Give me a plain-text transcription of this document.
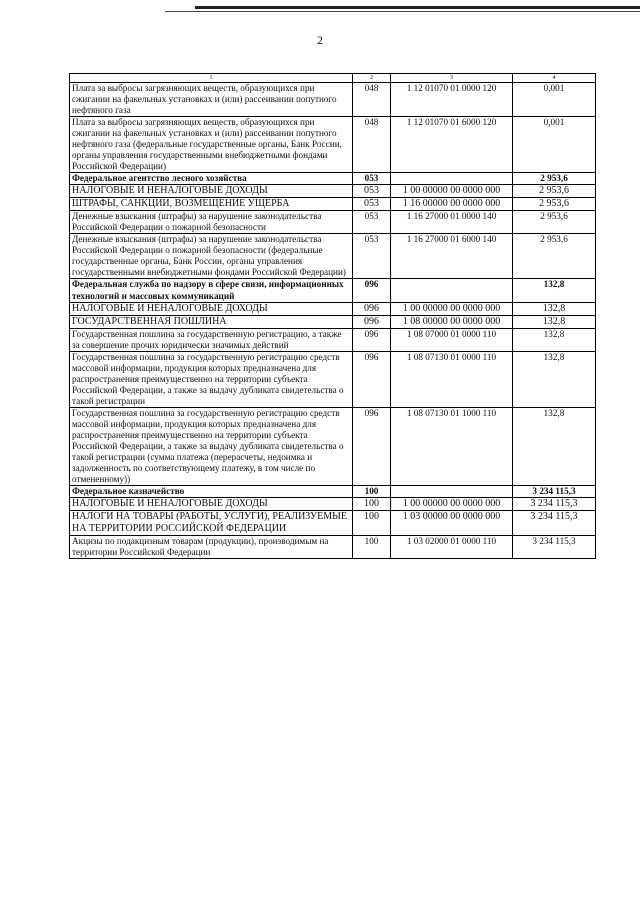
2
1	2	3	4
Плата за выбросы загрязняющих веществ, образующихся при сжигании на факельных установках и (или) рассеивании попутного нефтяного газа	048	1 12 01070 01 0000 120	0,001
Плата за выбросы загрязняющих веществ, образующихся при сжигании на факельных установках и (или) рассеивании попутного нефтяного газа (федеральные государственные органы, Банк России, органы управления государственными внебюджетными фондами Российской Федерации)	048	1 12 01070 01 6000 120	0,001
Федеральное агентство лесного хозяйства	053		2 953,6
НАЛОГОВЫЕ И НЕНАЛОГОВЫЕ ДОХОДЫ	053	1 00 00000 00 0000 000	2 953,6
ШТРАФЫ, САНКЦИИ, ВОЗМЕЩЕНИЕ УЩЕРБА	053	1 16 00000 00 0000 000	2 953,6
Денежные взыскания (штрафы) за нарушение законодательства Российской Федерации о пожарной безопасности	053	1 16 27000 01 0000 140	2 953,6
Денежные взыскания (штрафы) за нарушение законодательства Российской Федерации о пожарной безопасности (федеральные государственные органы, Банк России, органы управления государственными внебюджетными фондами Российской Федерации)	053	1 16 27000 01 6000 140	2 953,6
Федеральная служба по надзору в сфере связи, информационных технологий и массовых коммуникаций	096		132,8
НАЛОГОВЫЕ И НЕНАЛОГОВЫЕ ДОХОДЫ	096	1 00 00000 00 0000 000	132,8
ГОСУДАРСТВЕННАЯ ПОШЛИНА	096	1 08 00000 00 0000 000	132,8
Государственная пошлина за государственную регистрацию, а также за совершение прочих юридически значимых действий	096	1 08 07000 01 0000 110	132,8
Государственная пошлина за государственную регистрацию средств массовой информации, продукция которых предназначена для распространения преимущественно на территории субъекта Российской Федерации, а также за выдачу дубликата свидетельства о такой регистрации	096	1 08 07130 01 0000 110	132,8
Государственная пошлина за государственную регистрацию средств массовой информации, продукция которых предназначена для распространения преимущественно на территории субъекта Российской Федерации, а также за выдачу дубликата свидетельства о такой регистрации (сумма платежа (перерасчеты, недоимка и задолженность по соответствующему платежу, в том числе по отмененному))	096	1 08 07130 01 1000 110	132,8
Федеральное казначейство	100		3 234 115,3
НАЛОГОВЫЕ И НЕНАЛОГОВЫЕ ДОХОДЫ	100	1 00 00000 00 0000 000	3 234 115,3
НАЛОГИ НА ТОВАРЫ (РАБОТЫ, УСЛУГИ), РЕАЛИЗУЕМЫЕ НА ТЕРРИТОРИИ РОССИЙСКОЙ ФЕДЕРАЦИИ	100	1 03 00000 00 0000 000	3 234 115,3
Акцизы по подакцизным товарам (продукции), производимым на территории Российской Федерации	100	1 03 02000 01 0000 110	3 234 115,3
